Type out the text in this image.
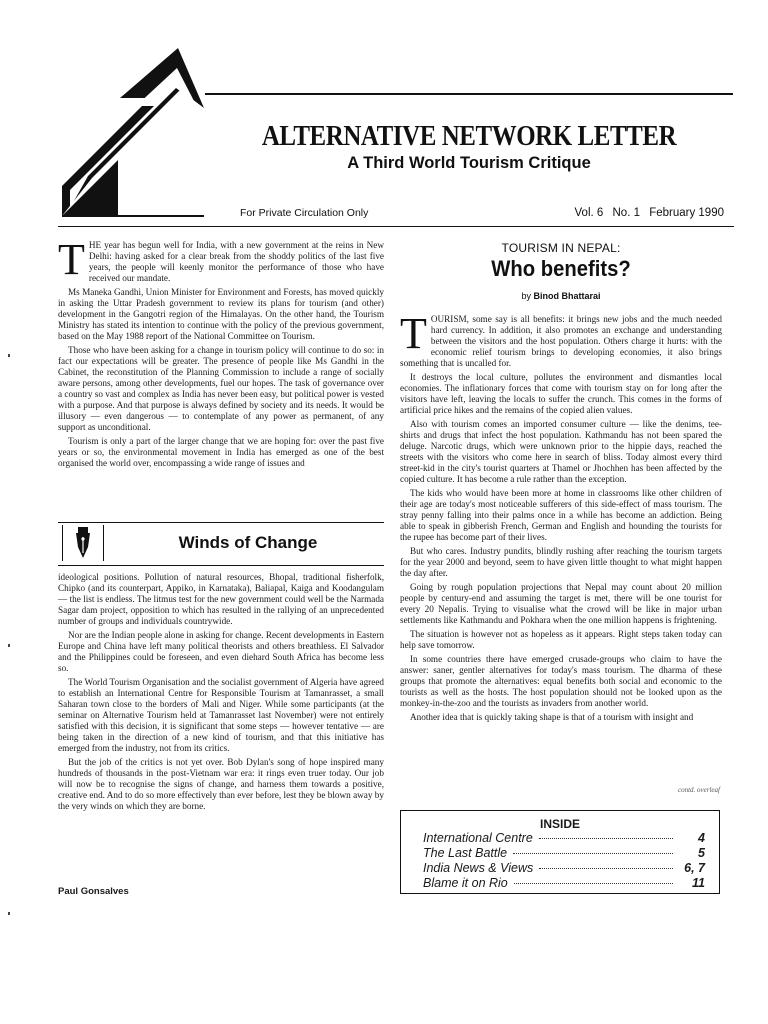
ALTERNATIVE NETWORK LETTER
A Third World Tourism Critique
For Private Circulation Only	Vol. 6 No. 1 February 1990

THE year has begun well for India, with a new government at the reins in New Delhi: having asked for a clear break from the shoddy politics of the last five years, the people will keenly monitor the performance of those who have received our mandate.

Ms Maneka Gandhi, Union Minister for Environment and Forests, has moved quickly in asking the Uttar Pradesh government to review its plans for tourism (and other) development in the Gangotri region of the Himalayas. On the other hand, the Tourism Ministry has stated its intention to continue with the policy of the previous government, based on the May 1988 report of the National Committee on Tourism.

Those who have been asking for a change in tourism policy will continue to do so: in fact our expectations will be greater. The presence of people like Ms Gandhi in the Cabinet, the reconstitution of the Planning Commission to include a range of socially aware persons, among other developments, fuel our hopes. The task of governance over a country so vast and complex as India has never been easy, but political power is vested with a purpose. And that purpose is always defined by society and its needs. It would be illusory — even dangerous — to contemplate of any power as permanent, of any support as unconditional.

Tourism is only a part of the larger change that we are hoping for: over the past five years or so, the environmental movement in India has emerged as one of the best organised the world over, encompassing a wide range of issues and

Winds of Change

ideological positions. Pollution of natural resources, Bhopal, traditional fisherfolk, Chipko (and its counterpart, Appiko, in Karnataka), Baliapal, Kaiga and Koodangulam — the list is endless. The litmus test for the new government could well be the Narmada Sagar dam project, opposition to which has resulted in the rallying of an unprecedented number of groups and individuals countrywide.

Nor are the Indian people alone in asking for change. Recent developments in Eastern Europe and China have left many political theorists and others breathless. El Salvador and the Philippines could be foreseen, and even diehard South Africa has become less so.

The World Tourism Organisation and the socialist government of Algeria have agreed to establish an International Centre for Responsible Tourism at Tamanrasset, a small Saharan town close to the borders of Mali and Niger. While some participants (at the seminar on Alternative Tourism held at Tamanrasset last November) were not entirely satisfied with this decision, it is significant that some steps — however tentative — are being taken in the direction of a new kind of tourism, and that this initiative has emerged from the industry, not from its critics.

But the job of the critics is not yet over. Bob Dylan's song of hope inspired many hundreds of thousands in the post-Vietnam war era: it rings even truer today. Our job will now be to recognise the signs of change, and harness them towards a positive, creative end. And to do so more effectively than ever before, lest they be blown away by the very winds on which they are borne.

Paul Gonsalves
TOURISM IN NEPAL:
Who benefits?
by Binod Bhattarai

TOURISM, some say is all benefits: it brings new jobs and the much needed hard currency. In addition, it also promotes an exchange and understanding between the visitors and the host population. Others charge it hurts: with the economic relief tourism brings to developing economies, it also brings something that is uncalled for.

It destroys the local culture, pollutes the environment and dismantles local economies. The inflationary forces that come with tourism stay on for long after the visitors have left, leaving the locals to suffer the crunch. This comes in the forms of artificial price hikes and the remains of the copied alien values.

Also with tourism comes an imported consumer culture — like the denims, tee-shirts and drugs that infect the host population. Kathmandu has not been spared the deluge. Narcotic drugs, which were unknown prior to the hippie days, reached the streets with the visitors who come here in search of bliss. Today almost every third street-kid in the city's tourist quarters at Thamel or Jhochhen has been affected by the copied culture. It has become a rule rather than the exception.

The kids who would have been more at home in classrooms like other children of their age are today's most noticeable sufferers of this side-effect of mass tourism. The stray penny falling into their palms once in a while has become an addiction. Being able to speak in gibberish French, German and English and hounding the tourists for the rupee has become part of their lives.

But who cares. Industry pundits, blindly rushing after reaching the tourism targets for the year 2000 and beyond, seem to have given little thought to what might happen the day after.

Going by rough population projections that Nepal may count about 20 million people by century-end and assuming the target is met, there will be one tourist for every 20 Nepalis. Trying to visualise what the crowd will be like in major urban settlements like Kathmandu and Pokhara when the one million happens is frightening.

The situation is however not as hopeless as it appears. Right steps taken today can help save tomorrow.

In some countries there have emerged crusade-groups who claim to have the answer: saner, gentler alternatives for today's mass tourism. The dharma of these groups that promote the alternatives: equal benefits both social and economic to the tourists as well as the hosts. The host population should not be looked upon as the monkey-in-the-zoo and the tourists as invaders from another world.

Another idea that is quickly taking shape is that of a tourism with insight and

contd. overleaf
INSIDE
International Centre	4
The Last Battle	5
India News & Views	6, 7
Blame it on Rio	11
